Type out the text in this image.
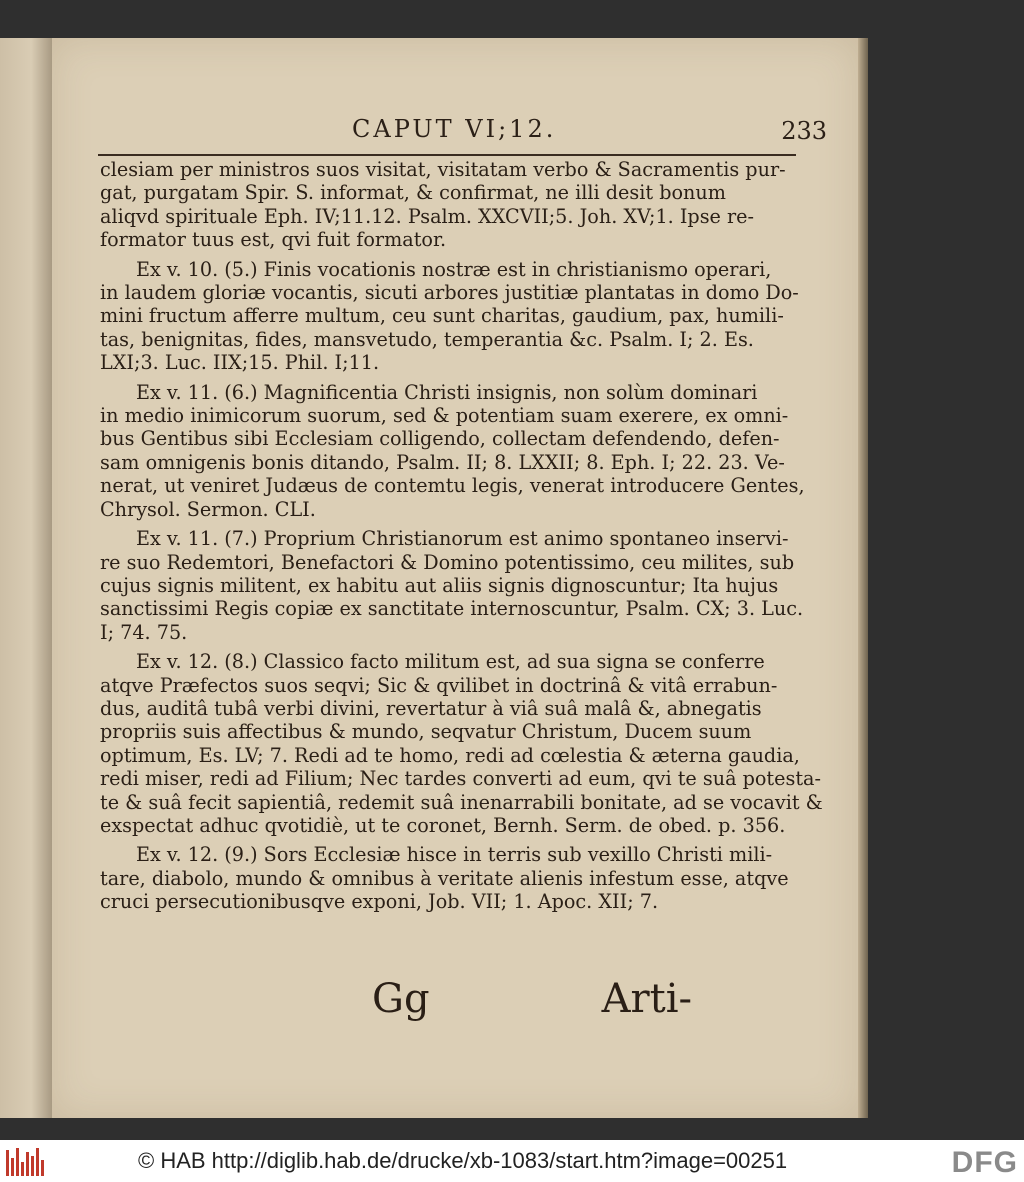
CAPUT VI;12.	233
clesiam per ministros suos visitat, visitatam verbo & Sacramentis pur-
gat, purgatam Spir. S. informat, & confirmat, ne illi desit bonum
aliqvd spirituale Eph. IV;11.12. Psalm. XXCVII;5. Joh. XV;1. Ipse re-
formator tuus est, qvi fuit formator.
Ex v. 10. (5.) Finis vocationis nostræ est in christianismo operari,
in laudem gloriæ vocantis, sicuti arbores justitiæ plantatas in domo Do-
mini fructum afferre multum, ceu sunt charitas, gaudium, pax, humili-
tas, benignitas, fides, mansvetudo, temperantia &c. Psalm. I; 2. Es.
LXI;3. Luc. IIX;15. Phil. I;11.
Ex v. 11. (6.) Magnificentia Christi insignis, non solùm dominari
in medio inimicorum suorum, sed & potentiam suam exerere, ex omni-
bus Gentibus sibi Ecclesiam colligendo, collectam defendendo, defen-
sam omnigenis bonis ditando, Psalm. II; 8. LXXII; 8. Eph. I; 22. 23. Ve-
nerat, ut veniret Judæus de contemtu legis, venerat introducere Gentes,
Chrysol. Sermon. CLI.
Ex v. 11. (7.) Proprium Christianorum est animo spontaneo inservi-
re suo Redemtori, Benefactori & Domino potentissimo, ceu milites, sub
cujus signis militent, ex habitu aut aliis signis dignoscuntur; Ita hujus
sanctissimi Regis copiæ ex sanctitate internoscuntur, Psalm. CX; 3. Luc.
I; 74. 75.
Ex v. 12. (8.) Classico facto militum est, ad sua signa se conferre
atqve Præfectos suos seqvi; Sic & qvilibet in doctrinâ & vitâ errabun-
dus, auditâ tubâ verbi divini, revertatur à viâ suâ malâ &, abnegatis
propriis suis affectibus & mundo, seqvatur Christum, Ducem suum
optimum, Es. LV; 7. Redi ad te homo, redi ad cœlestia & æterna gaudia,
redi miser, redi ad Filium; Nec tardes converti ad eum, qvi te suâ potesta-
te & suâ fecit sapientiâ, redemit suâ inenarrabili bonitate, ad se vocavit &
exspectat adhuc qvotidiè, ut te coronet, Bernh. Serm. de obed. p. 356.
Ex v. 12. (9.) Sors Ecclesiæ hisce in terris sub vexillo Christi mili-
tare, diabolo, mundo & omnibus à veritate alienis infestum esse, atqve
cruci persecutionibusqve exponi, Job. VII; 1. Apoc. XII; 7.
Gg	Arti-
© HAB http://diglib.hab.de/drucke/xb-1083/start.htm?image=00251	DFG
